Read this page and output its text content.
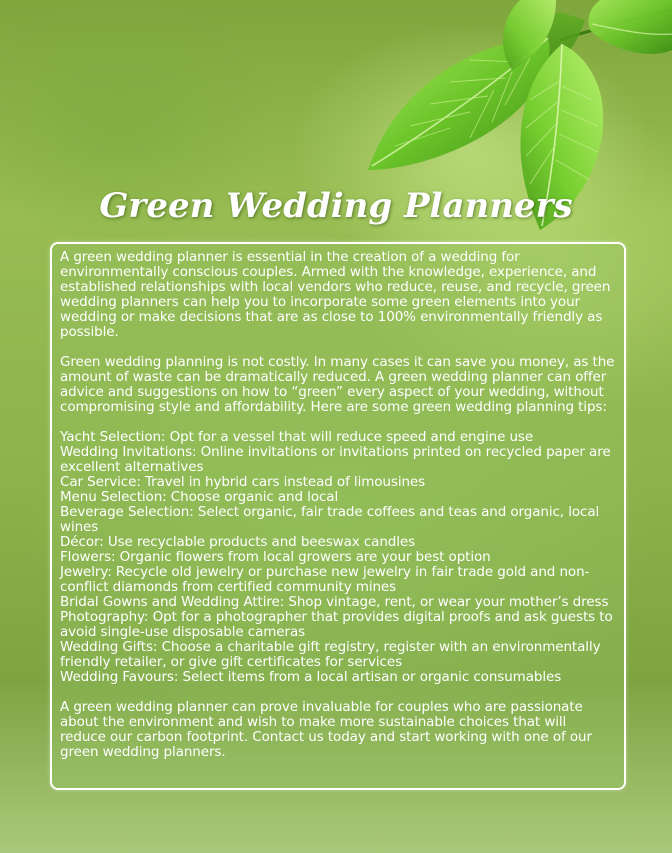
Green Wedding Planners

A green wedding planner is essential in the creation of a wedding for environmentally conscious couples. Armed with the knowledge, experience, and established relationships with local vendors who reduce, reuse, and recycle, green wedding planners can help you to incorporate some green elements into your wedding or make decisions that are as close to 100% environmentally friendly as possible.

Green wedding planning is not costly. In many cases it can save you money, as the amount of waste can be dramatically reduced. A green wedding planner can offer advice and suggestions on how to “green” every aspect of your wedding, without compromising style and affordability. Here are some green wedding planning tips:

Yacht Selection: Opt for a vessel that will reduce speed and engine use
Wedding Invitations: Online invitations or invitations printed on recycled paper are excellent alternatives
Car Service: Travel in hybrid cars instead of limousines
Menu Selection: Choose organic and local
Beverage Selection: Select organic, fair trade coffees and teas and organic, local wines
Décor: Use recyclable products and beeswax candles
Flowers: Organic flowers from local growers are your best option
Jewelry: Recycle old jewelry or purchase new jewelry in fair trade gold and non-conflict diamonds from certified community mines
Bridal Gowns and Wedding Attire: Shop vintage, rent, or wear your mother’s dress
Photography: Opt for a photographer that provides digital proofs and ask guests to avoid single-use disposable cameras
Wedding Gifts: Choose a charitable gift registry, register with an environmentally friendly retailer, or give gift certificates for services
Wedding Favours: Select items from a local artisan or organic consumables

A green wedding planner can prove invaluable for couples who are passionate about the environment and wish to make more sustainable choices that will reduce our carbon footprint. Contact us today and start working with one of our green wedding planners.
